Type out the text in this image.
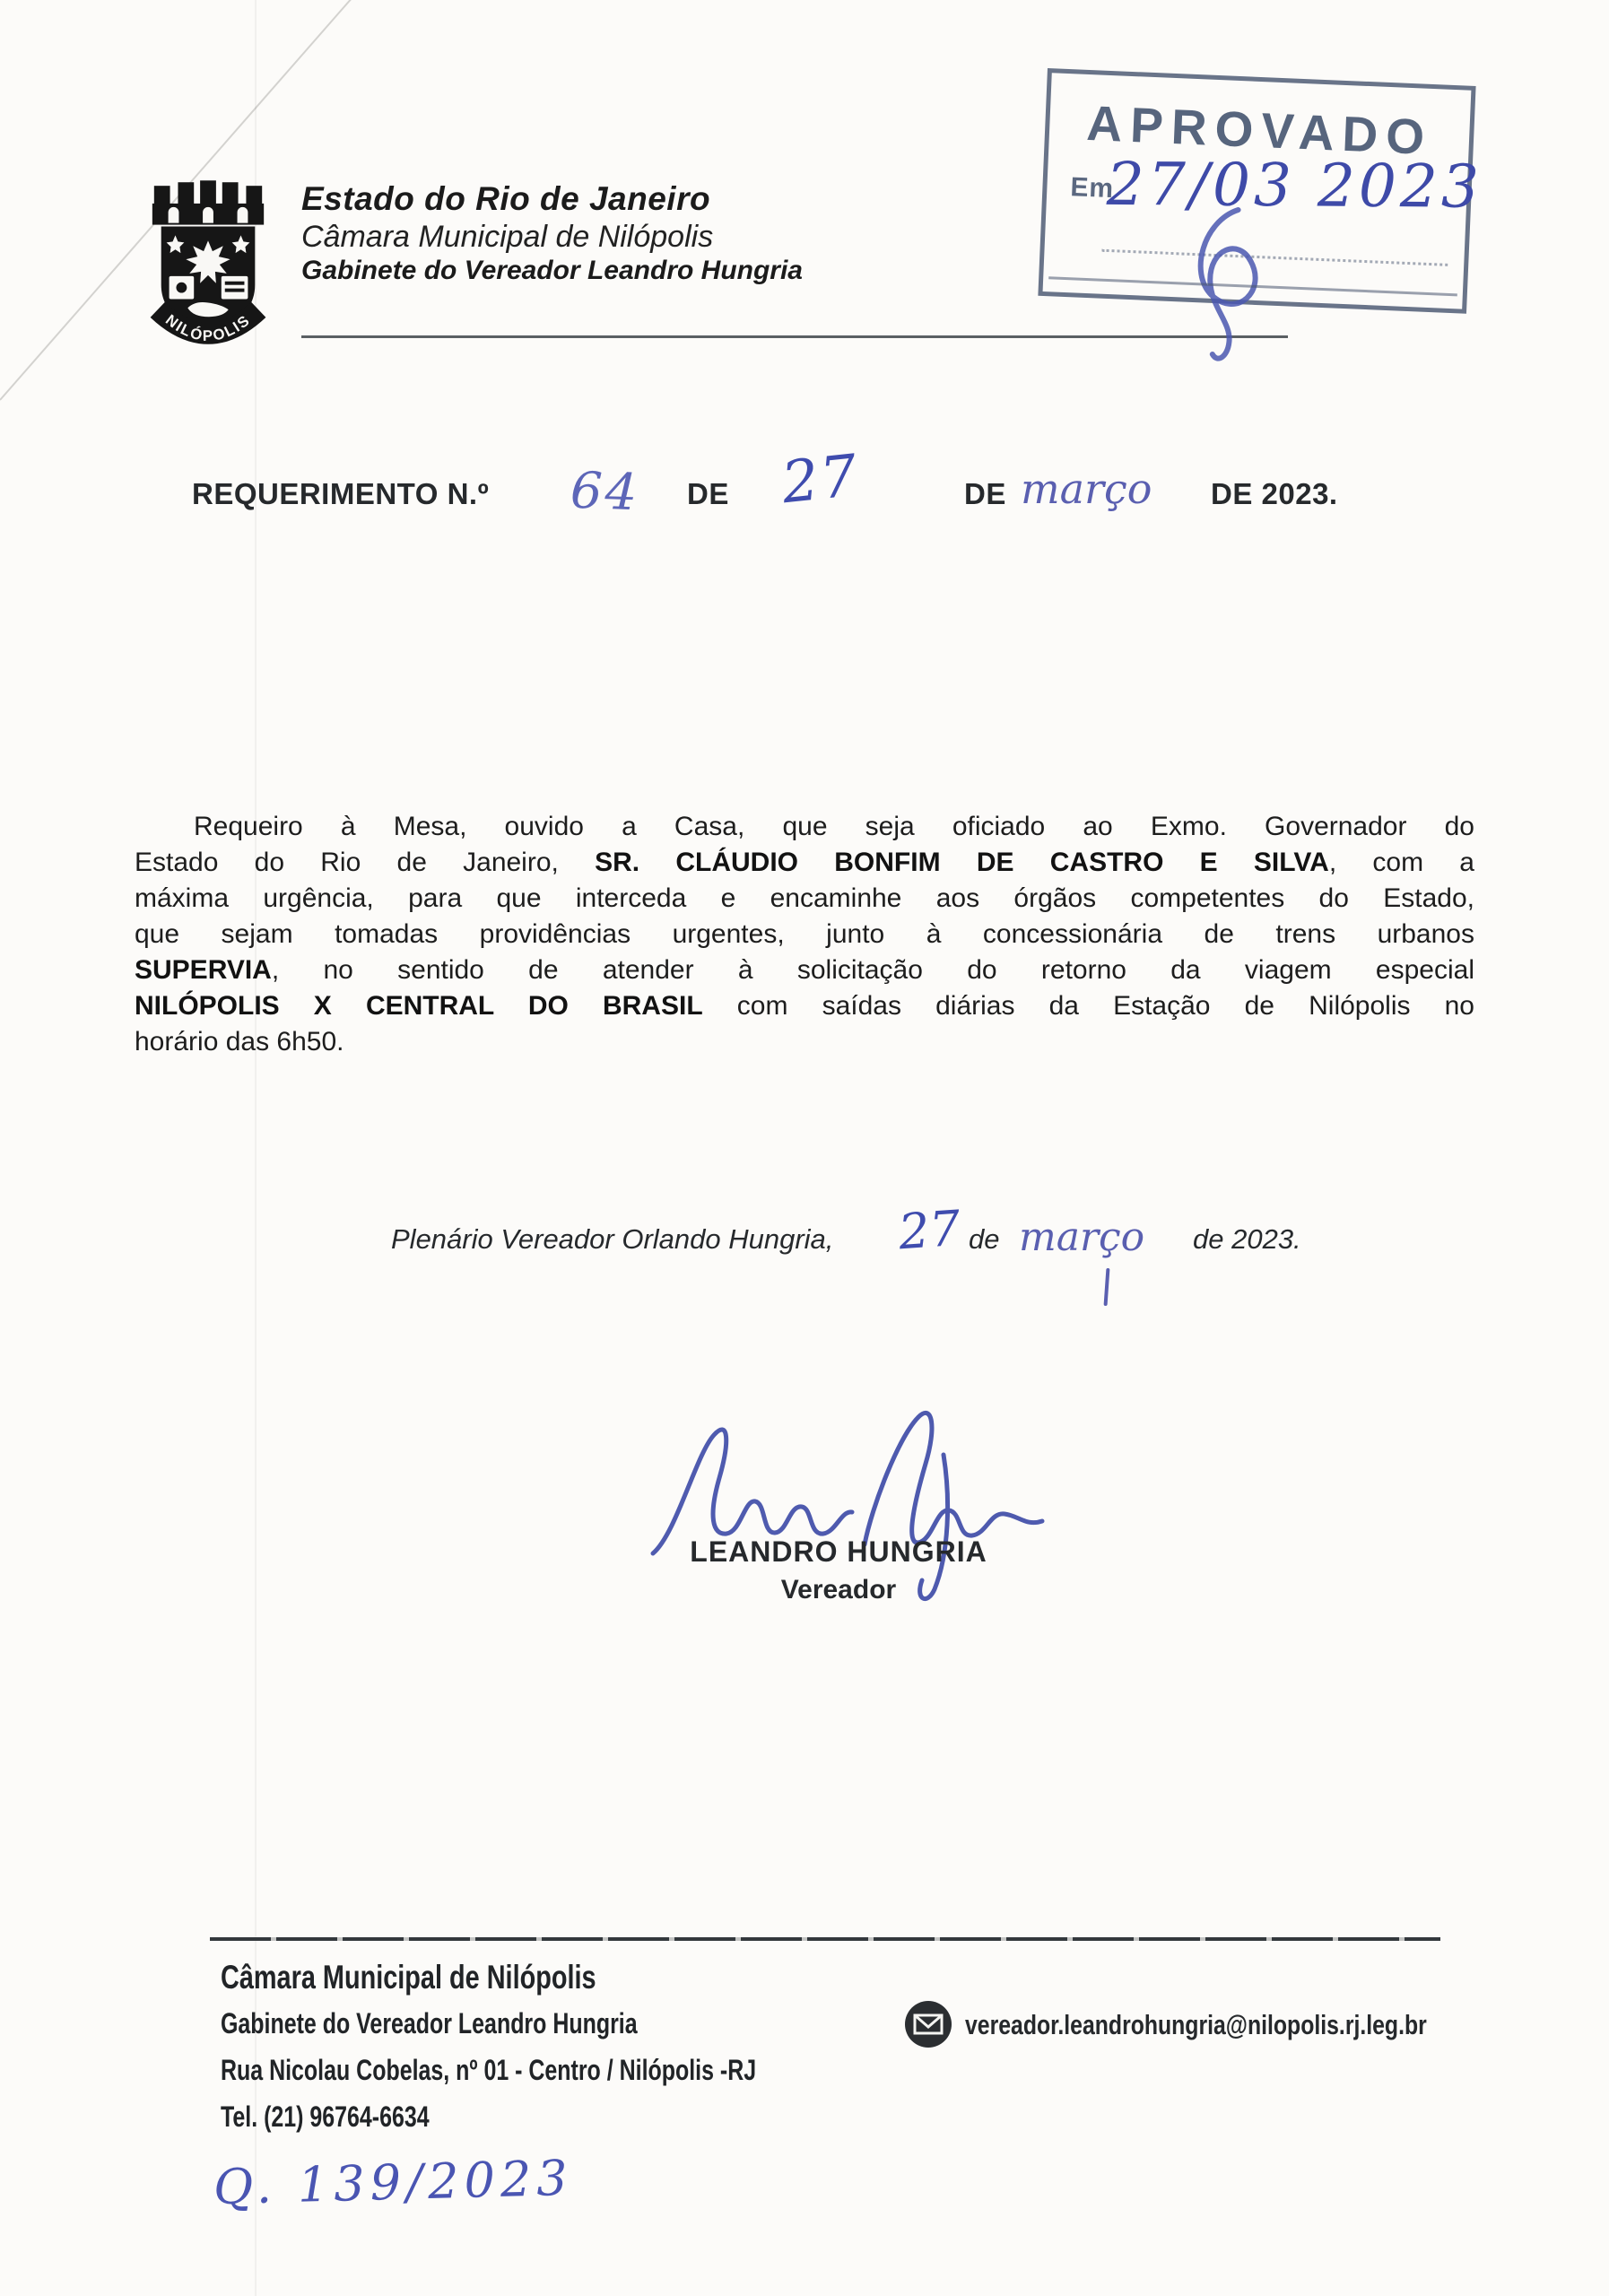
NILÓPOLIS
Estado do Rio de Janeiro
Câmara Municipal de Nilópolis
Gabinete do Vereador Leandro Hungria
APROVADO
Em
27/03 2023
REQUERIMENTO N.º 64 DE 27	DE março DE 2023.
Requeiro à Mesa, ouvido a Casa, que seja oficiado ao Exmo. Governador do
Estado do Rio de Janeiro, SR. CLÁUDIO BONFIM DE CASTRO E SILVA, com a
máxima urgência, para que interceda e encaminhe aos órgãos competentes do Estado,
que sejam tomadas providências urgentes, junto à concessionária de trens urbanos
SUPERVIA, no sentido de atender à solicitação do retorno da viagem especial
NILÓPOLIS X CENTRAL DO BRASIL com saídas diárias da Estação de Nilópolis no
horário das 6h50.
Plenário Vereador Orlando Hungria, 27 de março de 2023.
LEANDRO HUNGRIA
Vereador
Câmara Municipal de Nilópolis
Gabinete do Vereador Leandro Hungria
Rua Nicolau Cobelas, nº 01 - Centro / Nilópolis -RJ
Tel. (21) 96764-6634
vereador.leandrohungria@nilopolis.rj.leg.br
Q. 139/2023
